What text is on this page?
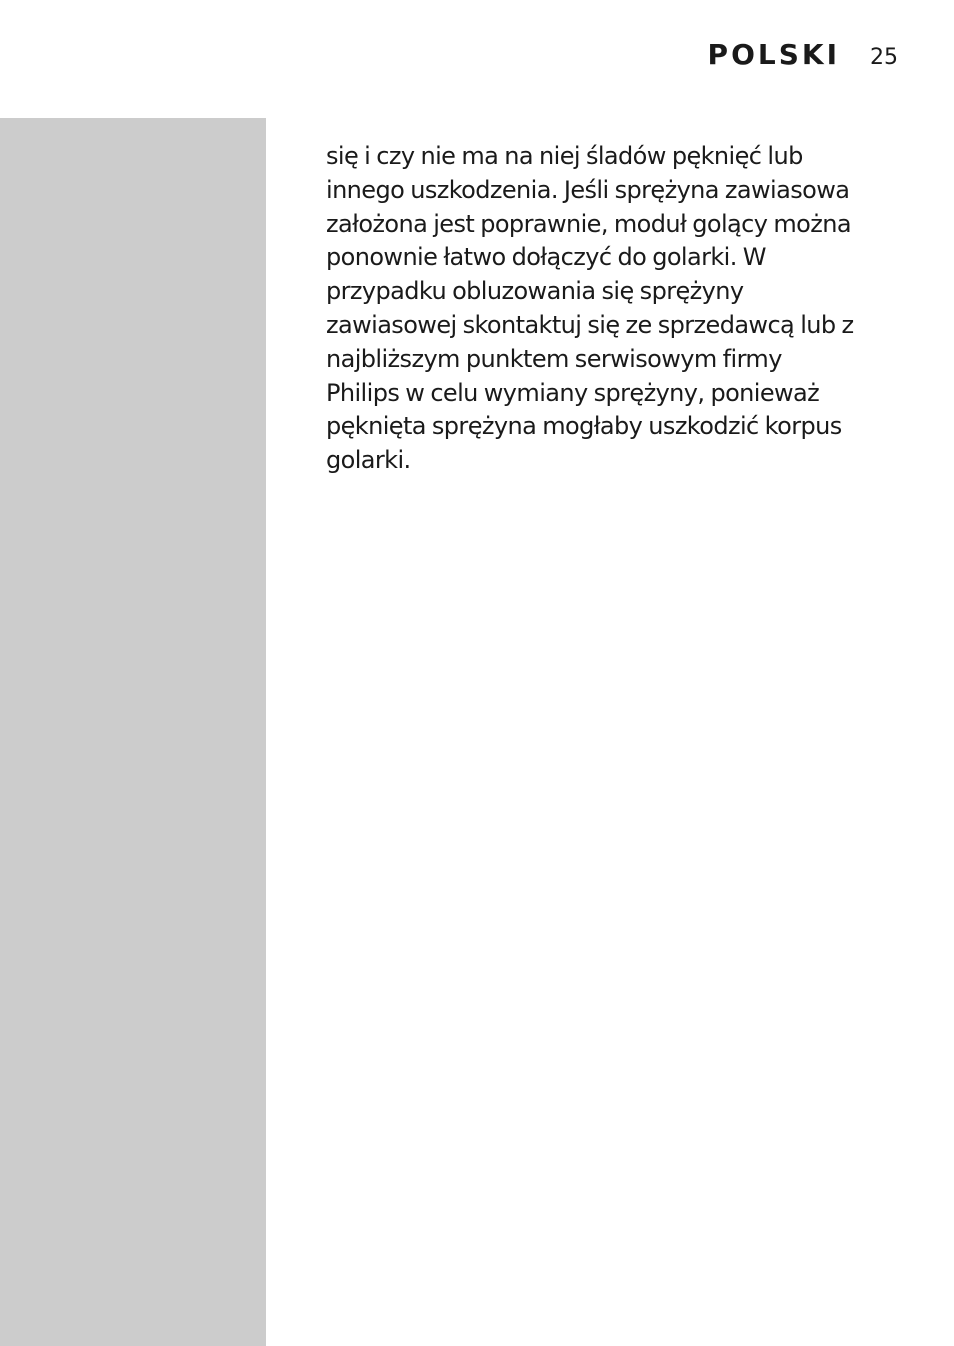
POLSKI 25

się i czy nie ma na niej śladów pęknięć lub
innego uszkodzenia. Jeśli sprężyna zawiasowa
założona jest poprawnie, moduł golący można
ponownie łatwo dołączyć do golarki. W
przypadku obluzowania się sprężyny
zawiasowej skontaktuj się ze sprzedawcą lub z
najbliższym punktem serwisowym firmy
Philips w celu wymiany sprężyny, ponieważ
pęknięta sprężyna mogłaby uszkodzić korpus
golarki.
